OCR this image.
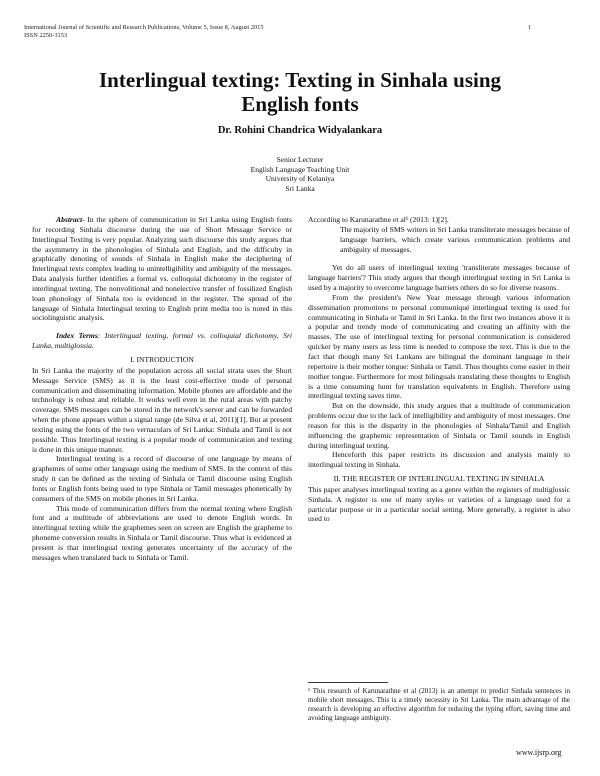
International Journal of Scientific and Research Publications, Volume 5, Issue 8, August 2015
ISSN 2250-3153
1
Interlingual texting: Texting in Sinhala using English fonts
Dr. Rohini Chandrica Widyalankara
Senior Lecturer
English Language Teaching Unit
University of Kelaniya
Sri Lanka

Abstract- In the sphere of communication in Sri Lanka using English fonts for recording Sinhala discourse during the use of Short Message Service or Interlingual Texting is very popular. Analyzing such discourse this study argues that the asymmetry in the phonologies of Sinhala and English, and the difficulty in graphically denoting of sounds of Sinhala in English make the deciphering of Interlingual texts complex leading to unintelligibility and ambiguity of the messages. Data analysis further identifies a formal vs. colloquial dichotomy in the register of interlingual texting. The nonvolitional and nonelective transfer of fossilized English loan phonology of Sinhala too is evidenced in the register. The spread of the language of Sinhala Interlingual texting to English print media too is noted in this sociolinguistic analysis.

Index Terms: Interlingual texting, formal vs. colloquial dichotomy, Sri Lanka, multiglossia.

I. INTRODUCTION

In Sri Lanka the majority of the population across all social strata uses the Short Message Service (SMS) as it is the least cost-effective mode of personal communication and disseminating information. Mobile phones are affordable and the technology is robust and reliable. It works well even in the rural areas with patchy coverage. SMS messages can be stored in the network's server and can be forwarded when the phone appears within a signal range (de Silva et al, 2011)[1]. But at present texting using the fonts of the two vernaculars of Sri Lanka: Sinhala and Tamil is not possible. Thus Interlingual texting is a popular mode of communication and texting is done in this unique manner.

Interlingual texting is a record of discourse of one language by means of graphemes of some other language using the medium of SMS. In the context of this study it can be defined as the texting of Sinhala or Tamil discourse using English fonts or English fonts being used to type Sinhala or Tamil messages phonetically by consumers of the SMS on mobile phones in Sri Lanka.

This mode of communication differs from the normal texting where English font and a multitude of abbreviations are used to denote English words. In interlingual texting while the graphemes seen on screen are English the grapheme to phoneme conversion results in Sinhala or Tamil discourse. Thus what is evidenced at present is that interlingual texting generates uncertainty of the accuracy of the messages when translated back to Sinhala or Tamil.

According to Karunarathne et al¹ (2013: 1)[2].

The majority of SMS writers in Sri Lanka transliterate messages because of language barriers, which create various communication problems and ambiguity of messages.

Yet do all users of interlingual texting 'transliterate messages because of language barriers'? This study argues that though interlingual texting in Sri Lanka is used by a majority to overcome language barriers others do so for diverse reasons.

From the president's New Year message through various information dissemination promotions to personal communiqué interlingual texting is used for communicating in Sinhala or Tamil in Sri Lanka. In the first two instances above it is a popular and trendy mode of communicating and creating an affinity with the masses. The use of interlingual texting for personal communication is considered quicker by many users as less time is needed to compose the text. This is due to the fact that though many Sri Lankans are bilingual the dominant language in their repertoire is their mother tongue: Sinhala or Tamil. Thus thoughts come easier in their mother tongue. Furthermore for most bilinguals translating these thoughts to English is a time consuming hunt for translation equivalents in English. Therefore using interlingual texting saves time.

But on the downside, this study argues that a multitude of communication problems occur due to the lack of intelligibility and ambiguity of most messages. One reason for this is the disparity in the phonologies of Sinhala/Tamil and English influencing the graphemic representation of Sinhala or Tamil sounds in English during interlingual texting.

Henceforth this paper restricts its discussion and analysis mainly to interlingual texting in Sinhala.

II. THE REGISTER OF INTERLINGUAL TEXTING IN SINHALA

This paper analyses interlingual texting as a genre within the registers of multiglossic Sinhala. A register is one of many styles or varieties of a language used for a particular purpose or in a particular social setting. More generally, a register is also used to

¹ This research of Karunarathne et al (2013) is an attempt to predict Sinhala sentences in mobile short messages. This is a timely necessity in Sri Lanka. The main advantage of the research is developing an effective algorithm for reducing the typing effort, saving time and avoiding language ambiguity.
www.ijsrp.org
